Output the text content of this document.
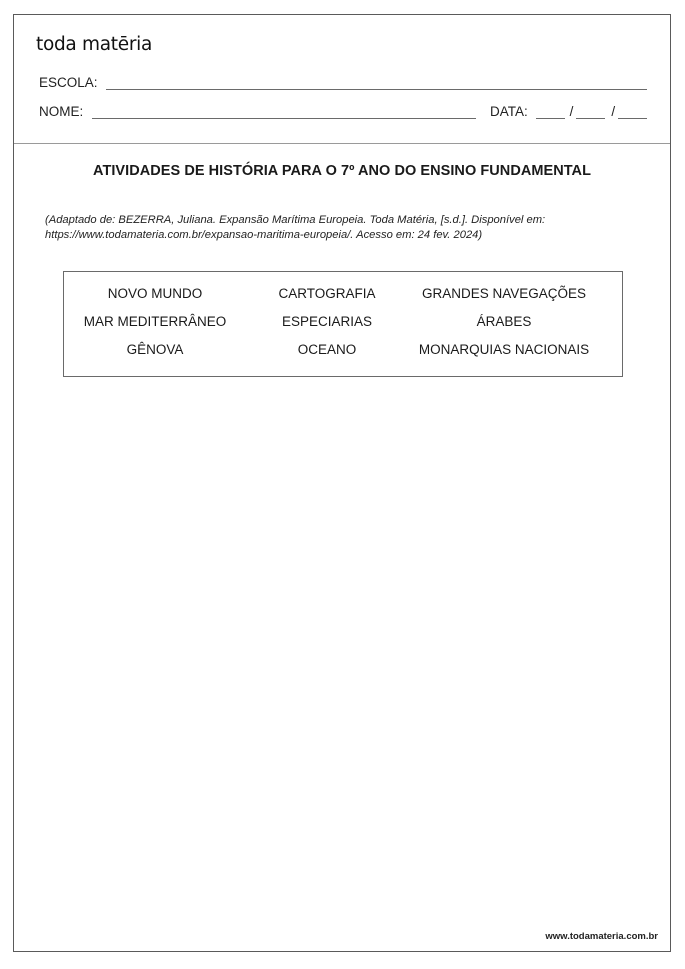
toda matēria
ESCOLA:
NOME:	DATA:	/	/
ATIVIDADES DE HISTÓRIA PARA O 7º ANO DO ENSINO FUNDAMENTAL
(Adaptado de: BEZERRA, Juliana. Expansão Marítima Europeia. Toda Matéria, [s.d.]. Disponível em:
https://www.todamateria.com.br/expansao-maritima-europeia/. Acesso em: 24 fev. 2024)
NOVO MUNDO	CARTOGRAFIA	GRANDES NAVEGAÇÕES
MAR MEDITERRÂNEO	ESPECIARIAS	ÁRABES
GÊNOVA	OCEANO	MONARQUIAS NACIONAIS
www.todamateria.com.br
